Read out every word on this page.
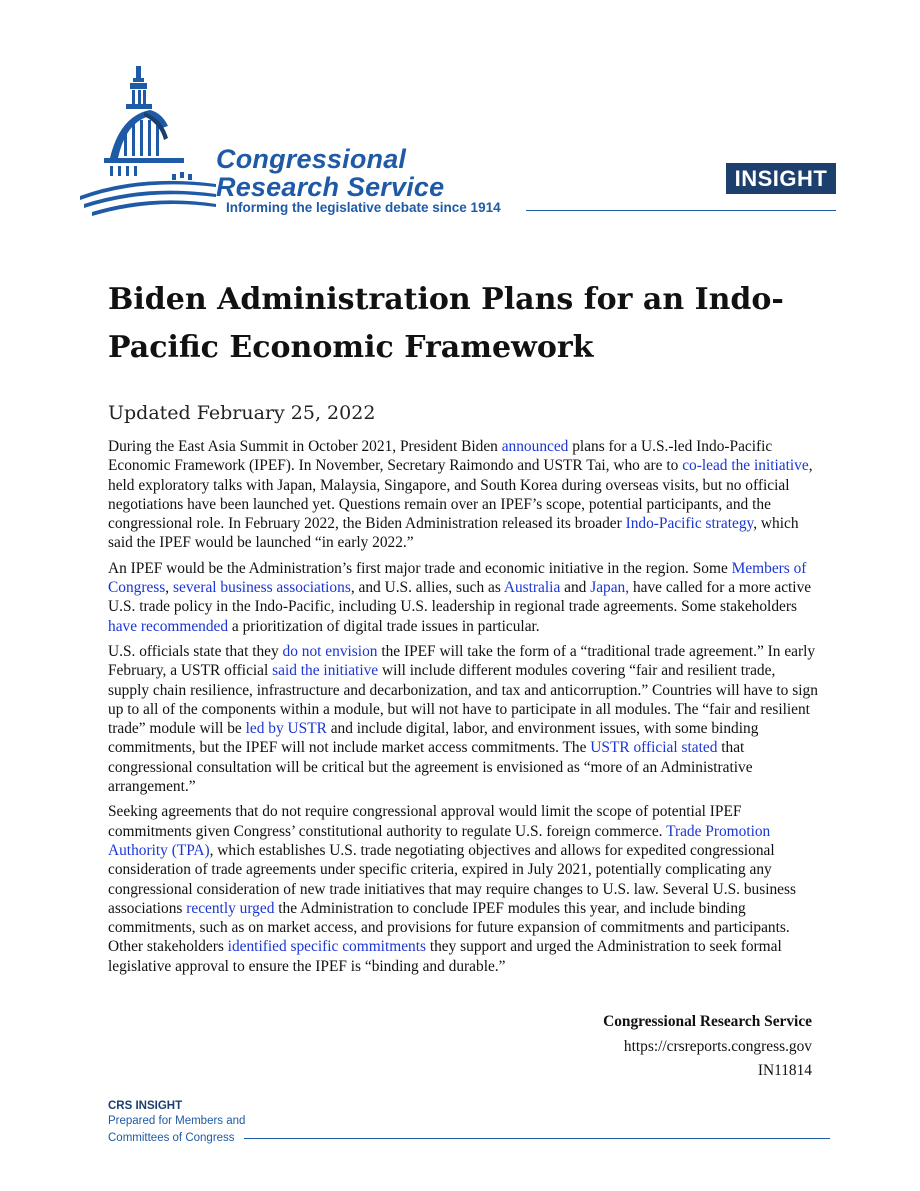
Congressional
Research Service
Informing the legislative debate since 1914
INSIGHT
Biden Administration Plans for an Indo-Pacific Economic Framework
Updated February 25, 2022

During the East Asia Summit in October 2021, President Biden announced plans for a U.S.-led Indo-Pacific Economic Framework (IPEF). In November, Secretary Raimondo and USTR Tai, who are to co-lead the initiative, held exploratory talks with Japan, Malaysia, Singapore, and South Korea during overseas visits, but no official negotiations have been launched yet. Questions remain over an IPEF’s scope, potential participants, and the congressional role. In February 2022, the Biden Administration released its broader Indo-Pacific strategy, which said the IPEF would be launched “in early 2022.”

An IPEF would be the Administration’s first major trade and economic initiative in the region. Some Members of Congress, several business associations, and U.S. allies, such as Australia and Japan, have called for a more active U.S. trade policy in the Indo-Pacific, including U.S. leadership in regional trade agreements. Some stakeholders have recommended a prioritization of digital trade issues in particular.

U.S. officials state that they do not envision the IPEF will take the form of a “traditional trade agreement.” In early February, a USTR official said the initiative will include different modules covering “fair and resilient trade, supply chain resilience, infrastructure and decarbonization, and tax and anticorruption.” Countries will have to sign up to all of the components within a module, but will not have to participate in all modules. The “fair and resilient trade” module will be led by USTR and include digital, labor, and environment issues, with some binding commitments, but the IPEF will not include market access commitments. The USTR official stated that congressional consultation will be critical but the agreement is envisioned as “more of an Administrative arrangement.”

Seeking agreements that do not require congressional approval would limit the scope of potential IPEF commitments given Congress’ constitutional authority to regulate U.S. foreign commerce. Trade Promotion Authority (TPA), which establishes U.S. trade negotiating objectives and allows for expedited congressional consideration of trade agreements under specific criteria, expired in July 2021, potentially complicating any congressional consideration of new trade initiatives that may require changes to U.S. law. Several U.S. business associations recently urged the Administration to conclude IPEF modules this year, and include binding commitments, such as on market access, and provisions for future expansion of commitments and participants. Other stakeholders identified specific commitments they support and urged the Administration to seek formal legislative approval to ensure the IPEF is “binding and durable.”

Congressional Research Service
https://crsreports.congress.gov
IN11814
CRS INSIGHT
Prepared for Members and
Committees of Congress
